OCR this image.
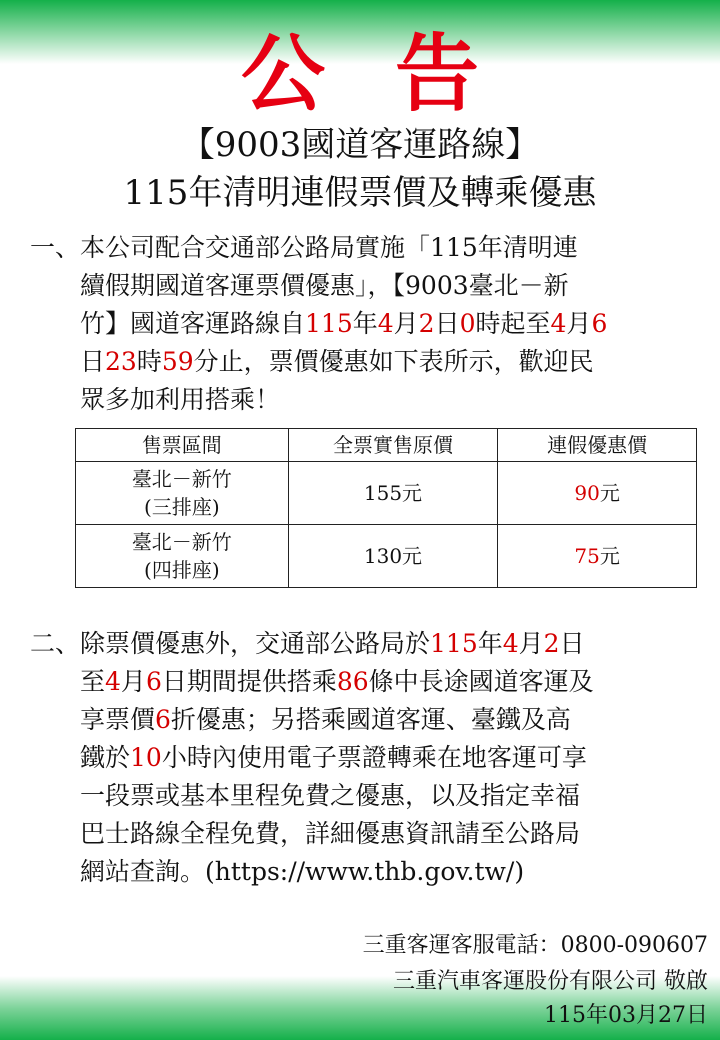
公告
【9003國道客運路線】
115年清明連假票價及轉乘優惠
一、 本公司配合交通部公路局實施「115年清明連
續假期國道客運票價優惠」，【9003臺北－新
竹】國道客運路線自115年4月2日0時起至4月6
日23時59分止，票價優惠如下表所示，歡迎民
眾多加利用搭乘！
售票區間	全票實售原價	連假優惠價
臺北－新竹
(三排座)	155元	90元
臺北－新竹
(四排座)	130元	75元
二、 除票價優惠外，交通部公路局於115年4月2日
至4月6日期間提供搭乘86條中長途國道客運及
享票價6折優惠；另搭乘國道客運、臺鐵及高
鐵於10小時內使用電子票證轉乘在地客運可享
一段票或基本里程免費之優惠，以及指定幸福
巴士路線全程免費，詳細優惠資訊請至公路局
網站查詢。(https://www.thb.gov.tw/)
三重客運客服電話：0800-090607
三重汽車客運股份有限公司 敬啟
115年03月27日
